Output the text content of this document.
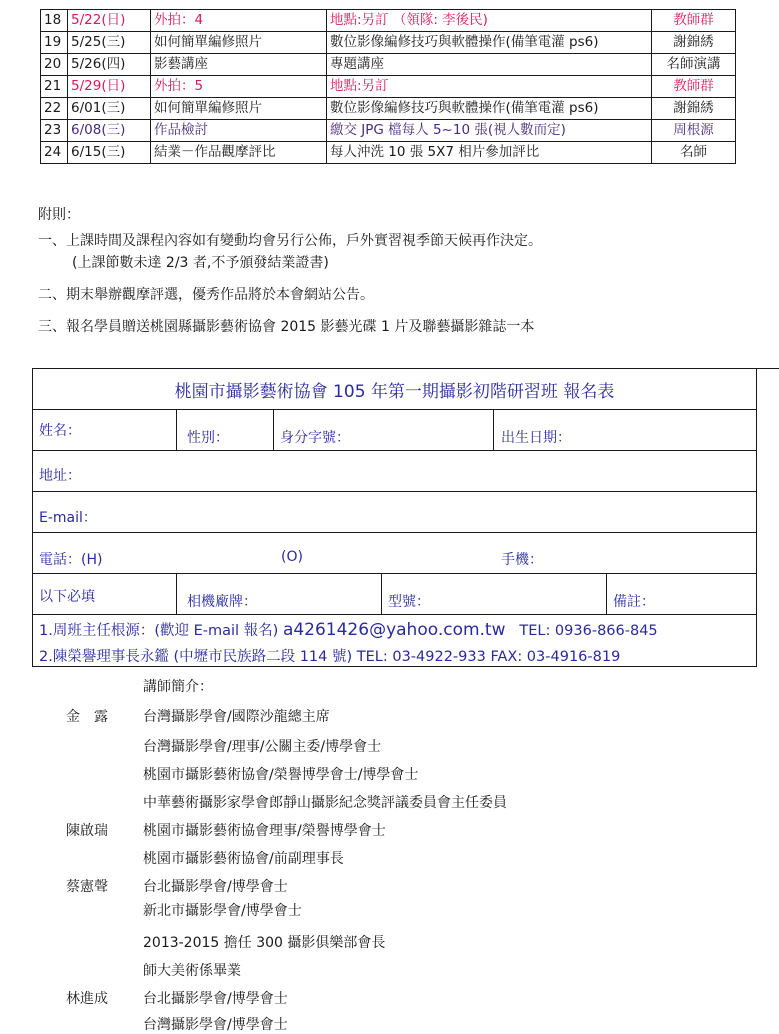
18	5/22(日)	外拍：4	地點:另訂 （領隊: 李後民)	教師群
19	5/25(三)	如何簡單編修照片	數位影像編修技巧與軟體操作(備筆電灌 ps6)	謝錦綉
20	5/26(四)	影藝講座	專題講座	名師演講
21	5/29(日)	外拍：5	地點:另訂	教師群
22	6/01(三)	如何簡單編修照片	數位影像編修技巧與軟體操作(備筆電灌 ps6)	謝錦綉
23	6/08(三)	作品檢討	繳交 JPG 檔每人 5~10 張(視人數而定)	周根源
24	6/15(三)	結業－作品觀摩評比	每人沖洗 10 張 5X7 相片參加評比	名師
附則：
一、上課時間及課程內容如有變動均會另行公佈，戶外實習視季節天候再作決定。
(上課節數未達 2/3 者,不予頒發結業證書)
二、期末舉辦觀摩評選，優秀作品將於本會網站公告。
三、報名學員贈送桃園縣攝影藝術協會 2015 影藝光碟 1 片及聯藝攝影雜誌一本
桃園市攝影藝術協會 105 年第一期攝影初階研習班 報名表
姓名：	性別：	身分字號：	出生日期：
地址：
E-mail：
電話：(H)	(O)	手機：
以下必填	相機廠牌：	型號：	備註：
1.周班主任根源：(歡迎 E-mail 報名) a4261426@yahoo.com.tw TEL: 0936-866-845
2.陳榮譽理事長永鑑 (中壢市民族路二段 114 號) TEL: 03-4922-933 FAX: 03-4916-819
講師簡介：
金　露	台灣攝影學會/國際沙龍總主席
台灣攝影學會/理事/公關主委/博學會士
桃園市攝影藝術協會/榮譽博學會士/博學會士
中華藝術攝影家學會郎靜山攝影紀念獎評議委員會主任委員
陳啟瑞	桃園市攝影藝術協會理事/榮譽博學會士
桃園市攝影藝術協會/前副理事長
蔡憲聲	台北攝影學會/博學會士
新北市攝影學會/博學會士
2013-2015 擔任 300 攝影俱樂部會長
師大美術係畢業
林進成	台北攝影學會/博學會士
台灣攝影學會/博學會士
